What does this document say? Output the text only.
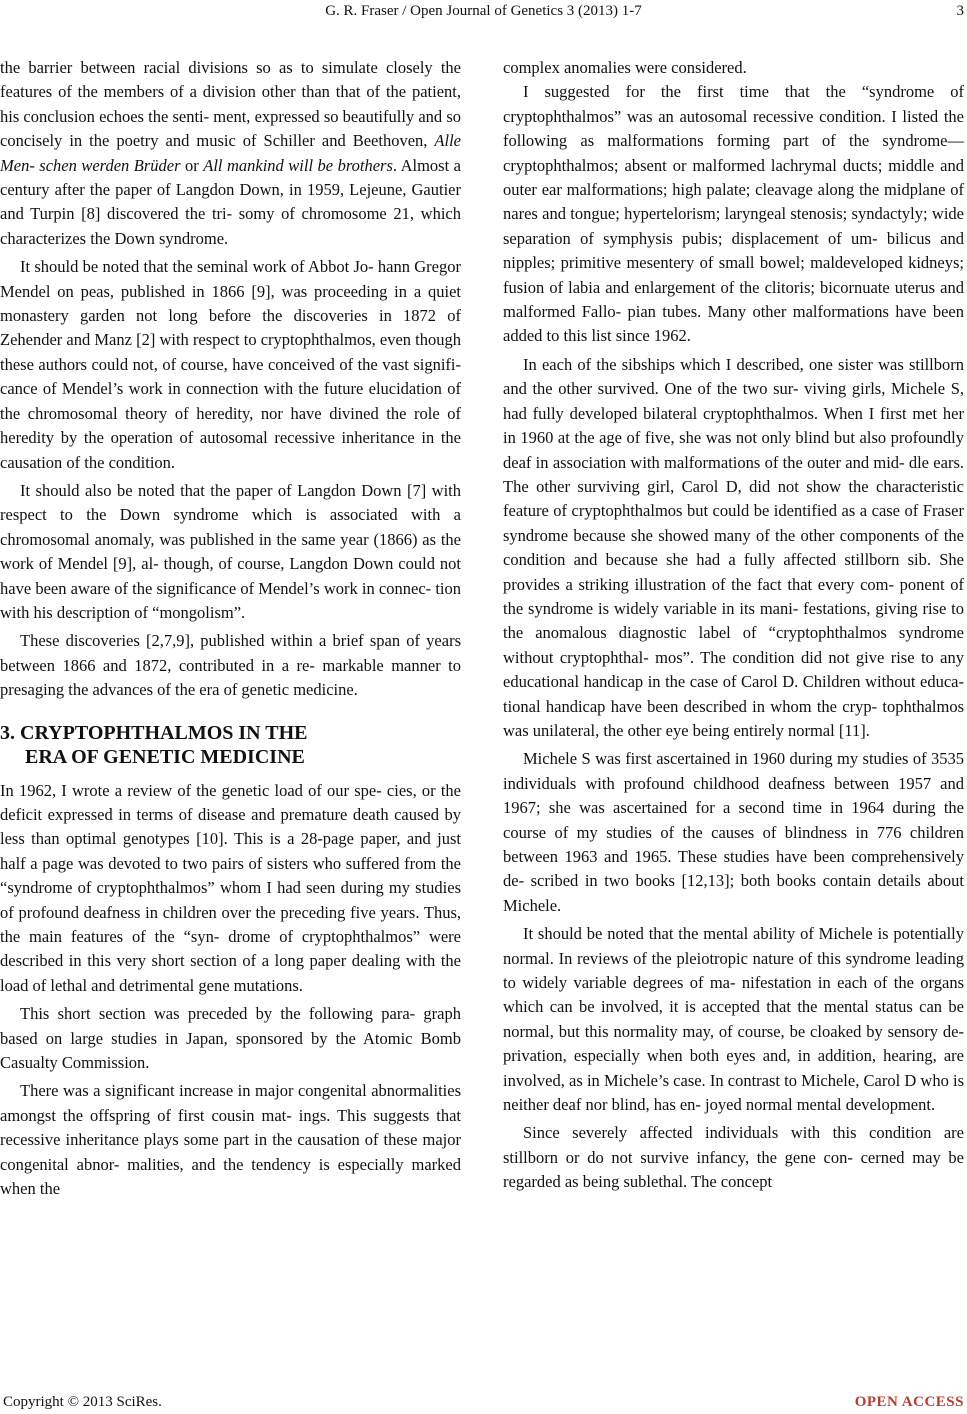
G. R. Fraser / Open Journal of Genetics 3 (2013) 1-7	3

the barrier between racial divisions so as to simulate closely the features of the members of a division other than that of the patient, his conclusion echoes the senti- ment, expressed so beautifully and so concisely in the poetry and music of Schiller and Beethoven, Alle Men- schen werden Brüder or All mankind will be brothers. Almost a century after the paper of Langdon Down, in 1959, Lejeune, Gautier and Turpin [8] discovered the tri- somy of chromosome 21, which characterizes the Down syndrome.

It should be noted that the seminal work of Abbot Jo- hann Gregor Mendel on peas, published in 1866 [9], was proceeding in a quiet monastery garden not long before the discoveries in 1872 of Zehender and Manz [2] with respect to cryptophthalmos, even though these authors could not, of course, have conceived of the vast signifi- cance of Mendel’s work in connection with the future elucidation of the chromosomal theory of heredity, nor have divined the role of heredity by the operation of autosomal recessive inheritance in the causation of the condition.

It should also be noted that the paper of Langdon Down [7] with respect to the Down syndrome which is associated with a chromosomal anomaly, was published in the same year (1866) as the work of Mendel [9], al- though, of course, Langdon Down could not have been aware of the significance of Mendel’s work in connec- tion with his description of “mongolism”.

These discoveries [2,7,9], published within a brief span of years between 1866 and 1872, contributed in a re- markable manner to presaging the advances of the era of genetic medicine.

3. CRYPTOPHTHALMOS IN THE
ERA OF GENETIC MEDICINE

In 1962, I wrote a review of the genetic load of our spe- cies, or the deficit expressed in terms of disease and premature death caused by less than optimal genotypes [10]. This is a 28-page paper, and just half a page was devoted to two pairs of sisters who suffered from the “syndrome of cryptophthalmos” whom I had seen during my studies of profound deafness in children over the preceding five years. Thus, the main features of the “syn- drome of cryptophthalmos” were described in this very short section of a long paper dealing with the load of lethal and detrimental gene mutations.

This short section was preceded by the following para- graph based on large studies in Japan, sponsored by the Atomic Bomb Casualty Commission.

There was a significant increase in major congenital abnormalities amongst the offspring of first cousin mat- ings. This suggests that recessive inheritance plays some part in the causation of these major congenital abnor- malities, and the tendency is especially marked when the

complex anomalies were considered.

I suggested for the first time that the “syndrome of cryptophthalmos” was an autosomal recessive condition. I listed the following as malformations forming part of the syndrome—cryptophthalmos; absent or malformed lachrymal ducts; middle and outer ear malformations; high palate; cleavage along the midplane of nares and tongue; hypertelorism; laryngeal stenosis; syndactyly; wide separation of symphysis pubis; displacement of um- bilicus and nipples; primitive mesentery of small bowel; maldeveloped kidneys; fusion of labia and enlargement of the clitoris; bicornuate uterus and malformed Fallo- pian tubes. Many other malformations have been added to this list since 1962.

In each of the sibships which I described, one sister was stillborn and the other survived. One of the two sur- viving girls, Michele S, had fully developed bilateral cryptophthalmos. When I first met her in 1960 at the age of five, she was not only blind but also profoundly deaf in association with malformations of the outer and mid- dle ears. The other surviving girl, Carol D, did not show the characteristic feature of cryptophthalmos but could be identified as a case of Fraser syndrome because she showed many of the other components of the condition and because she had a fully affected stillborn sib. She provides a striking illustration of the fact that every com- ponent of the syndrome is widely variable in its mani- festations, giving rise to the anomalous diagnostic label of “cryptophthalmos syndrome without cryptophthal- mos”. The condition did not give rise to any educational handicap in the case of Carol D. Children without educa- tional handicap have been described in whom the cryp- tophthalmos was unilateral, the other eye being entirely normal [11].

Michele S was first ascertained in 1960 during my studies of 3535 individuals with profound childhood deafness between 1957 and 1967; she was ascertained for a second time in 1964 during the course of my studies of the causes of blindness in 776 children between 1963 and 1965. These studies have been comprehensively de- scribed in two books [12,13]; both books contain details about Michele.

It should be noted that the mental ability of Michele is potentially normal. In reviews of the pleiotropic nature of this syndrome leading to widely variable degrees of ma- nifestation in each of the organs which can be involved, it is accepted that the mental status can be normal, but this normality may, of course, be cloaked by sensory de- privation, especially when both eyes and, in addition, hearing, are involved, as in Michele’s case. In contrast to Michele, Carol D who is neither deaf nor blind, has en- joyed normal mental development.

Since severely affected individuals with this condition are stillborn or do not survive infancy, the gene con- cerned may be regarded as being sublethal. The concept

Copyright © 2013 SciRes.	OPEN ACCESS
